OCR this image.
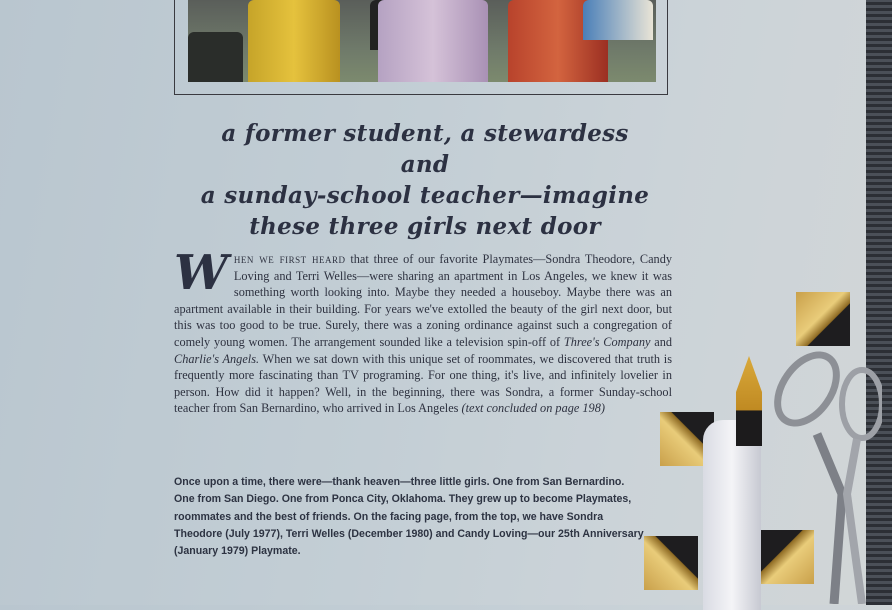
a former student, a stewardess and
a sunday-school teacher—imagine
these three girls next door
When we first heard that three of our favorite Playmates—Sondra Theodore, Candy Loving and Terri Welles—were sharing an apartment in Los Angeles, we knew it was something worth looking into. Maybe they needed a houseboy. Maybe there was an apartment available in their building. For years we've extolled the beauty of the girl next door, but this was too good to be true. Surely, there was a zoning ordinance against such a congregation of comely young women. The arrangement sounded like a television spin-off of Three's Company and Charlie's Angels. When we sat down with this unique set of roommates, we discovered that truth is frequently more fascinating than TV programing. For one thing, it's live, and infinitely lovelier in person. How did it happen? Well, in the beginning, there was Sondra, a former Sunday-school teacher from San Bernardino, who arrived in Los Angeles (text concluded on page 198)
Once upon a time, there were—thank heaven—three little girls. One from San Bernardino. One from San Diego. One from Ponca City, Oklahoma. They grew up to become Playmates, roommates and the best of friends. On the facing page, from the top, we have Sondra Theodore (July 1977), Terri Welles (December 1980) and Candy Loving—our 25th Anniversary (January 1979) Playmate.
